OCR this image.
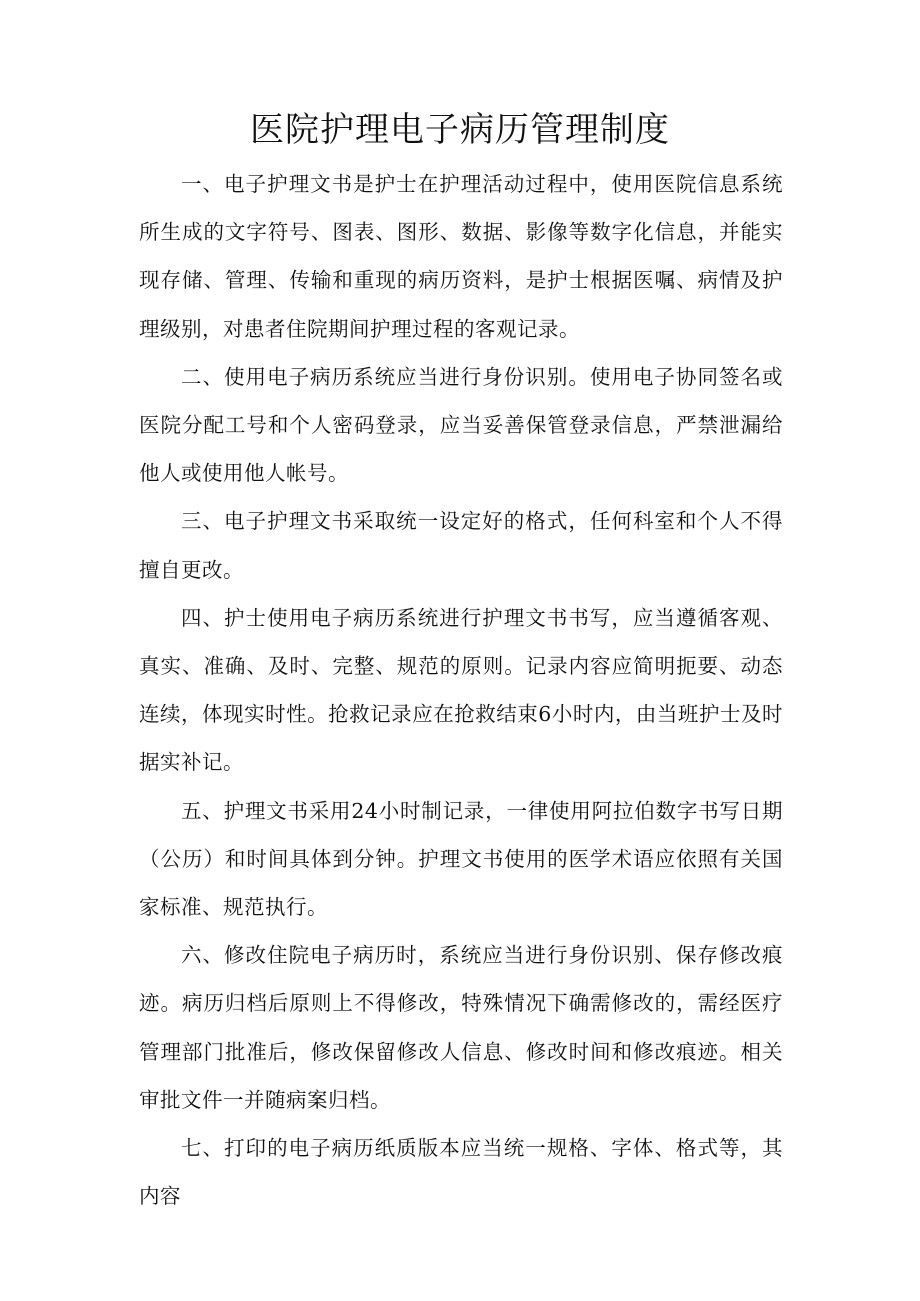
医院护理电子病历管理制度

一、电子护理文书是护士在护理活动过程中，使用医院信息系统所生成的文字符号、图表、图形、数据、影像等数字化信息，并能实现存储、管理、传输和重现的病历资料，是护士根据医嘱、病情及护理级别，对患者住院期间护理过程的客观记录。

二、使用电子病历系统应当进行身份识别。使用电子协同签名或医院分配工号和个人密码登录，应当妥善保管登录信息，严禁泄漏给他人或使用他人帐号。

三、电子护理文书采取统一设定好的格式，任何科室和个人不得擅自更改。

四、护士使用电子病历系统进行护理文书书写，应当遵循客观、真实、准确、及时、完整、规范的原则。记录内容应简明扼要、动态连续，体现实时性。抢救记录应在抢救结束6小时内，由当班护士及时据实补记。

五、护理文书采用24小时制记录，一律使用阿拉伯数字书写日期（公历）和时间具体到分钟。护理文书使用的医学术语应依照有关国家标准、规范执行。

六、修改住院电子病历时，系统应当进行身份识别、保存修改痕迹。病历归档后原则上不得修改，特殊情况下确需修改的，需经医疗管理部门批准后，修改保留修改人信息、修改时间和修改痕迹。相关审批文件一并随病案归档。

七、打印的电子病历纸质版本应当统一规格、字体、格式等，其内容
